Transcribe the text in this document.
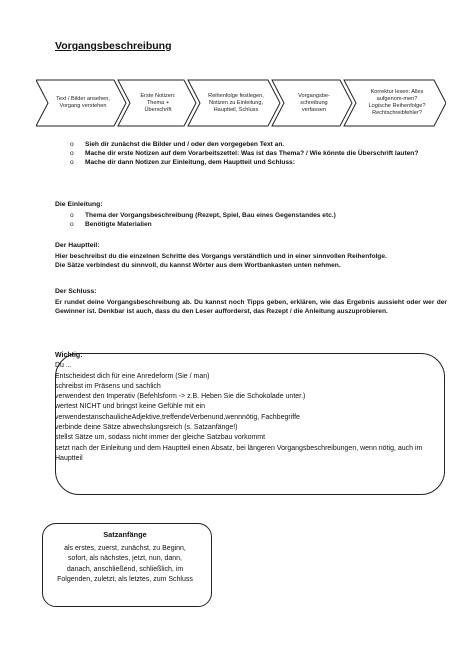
Vorgangsbeschreibung
Text / Bilder ansehen,
Vorgang verstehen
Erste Notizen:
Thema +
Überschrift
Reihenfolge festlegen,
Notizen zu Einleitung,
Hauptteil, Schluss
Vorgangsbe-
schreibung
verfassen
Korrektur lesen: Alles
aufgenom-men?
Logische Reihenfolge?
Rechtschreibfehler?
o Sieh dir zunächst die Bilder und / oder den vorgegeben Text an.
o Mache dir erste Notizen auf dem Vorarbeitszettel: Was ist das Thema? / Wie könnte die Überschrift lauten?
o Mache dir dann Notizen zur Einleitung, dem Hauptteil und Schluss:
Die Einleitung:
o Thema der Vorgangsbeschreibung (Rezept, Spiel, Bau eines Gegenstandes etc.)
o Benötigte Materialien
Der Hauptteil:
Hier beschreibst du die einzelnen Schritte des Vorgangs verständlich und in einer sinnvollen Reihenfolge.
Die Sätze verbindest du sinnvoll, du kannst Wörter aus dem Wortbankasten unten nehmen.
Der Schluss:
Er rundet deine Vorgangsbeschreibung ab. Du kannst noch Tipps geben, erklären, wie das Ergebnis aussieht oder wer der Gewinner ist. Denkbar ist auch, dass du den Leser aufforderst, das Rezept / die Anleitung auszuprobieren.
Wichtig:
Du ...
Entscheidest dich für eine Anredeform (Sie / man)
schreibst im Präsens und sachlich
verwendest den Imperativ (Befehlsform -> z.B. Heben Sie die Schokolade unter.)
wertest NICHT und bringst keine Gefühle mit ein
verwendestanschaulicheAdjektive,treffendeVerbenund,wennnötig, Fachbegriffe
verbinde deine Sätze abwechslungsreich (s. Satzanfänge!)
stellst Sätze um, sodass nicht immer der gleiche Satzbau vorkommt
setzt nach der Einleitung und dem Hauptteil einen Absatz, bei längeren Vorgangsbeschreibungen, wenn nötig, auch im Hauptteil
Satzanfänge
als erstes, zuerst, zunächst, zu Beginn,
sofort, als nächstes, jetzt, nun, dann,
danach, anschließend, schließlich, im
Folgenden, zuletzt, als letztes, zum Schluss
